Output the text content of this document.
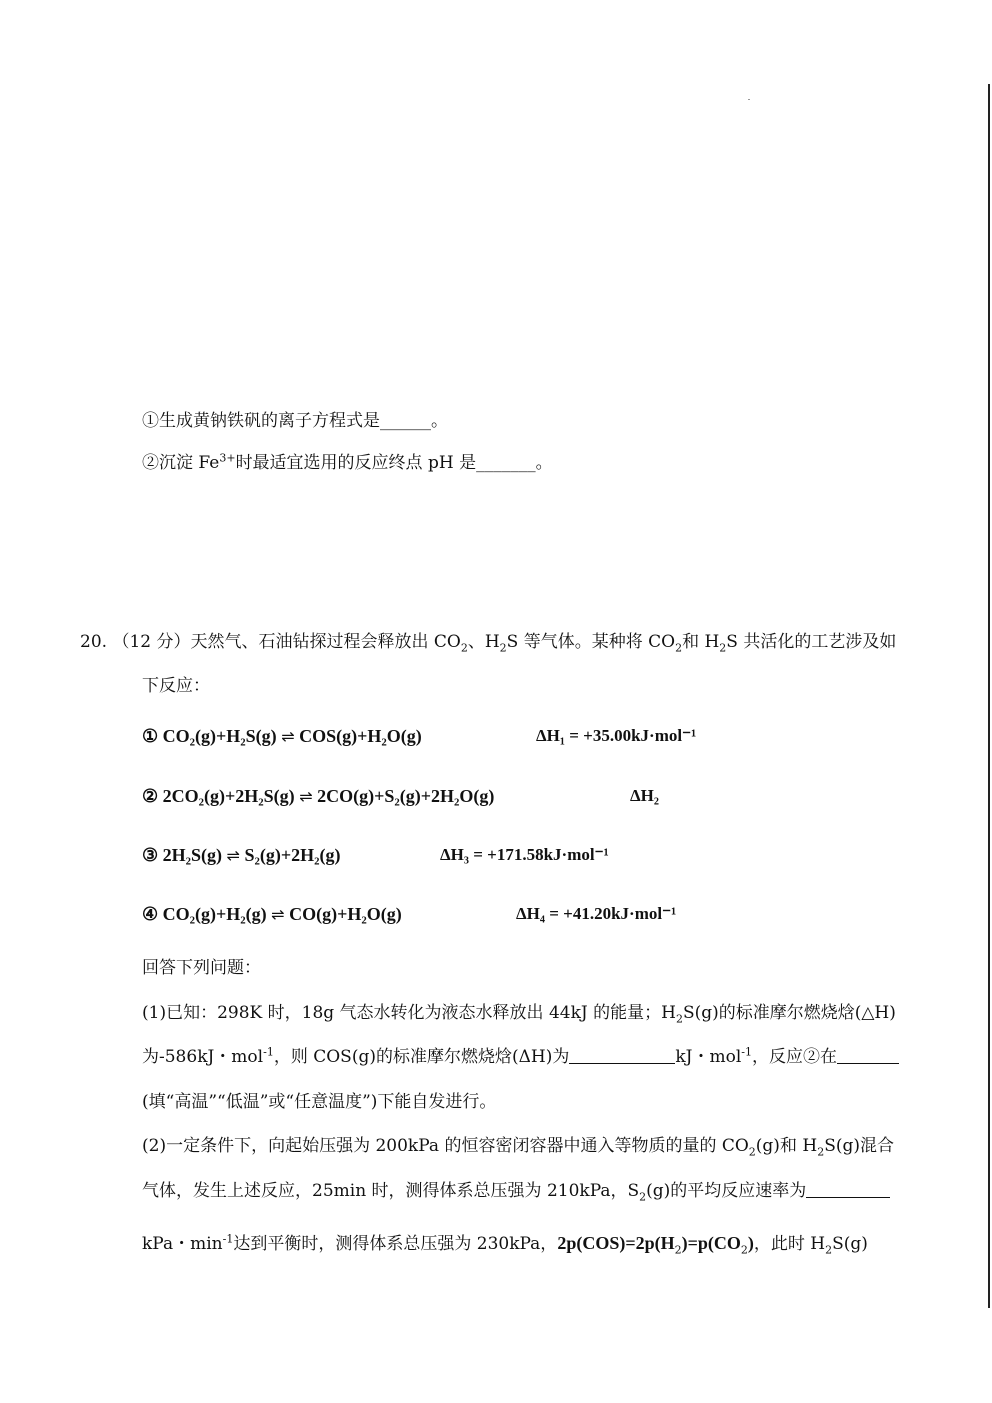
①生成黄钠铁矾的离子方程式是______。
②沉淀 $Fe^{3+}$时最适宜选用的反应终点 pH 是_______。
20. （12 分）天然气、石油钻探过程会释放出 $CO_2$、$H_2S$ 等气体。某种将 $CO_2$和 $H_2S$ 共活化的工艺涉及如
下反应：
① CO₂(g)+H₂S(g) ⇌ COS(g)+H₂O(g)	ΔH₁ = +35.00kJ·mol⁻¹
② 2CO₂(g)+2H₂S(g) ⇌ 2CO(g)+S₂(g)+2H₂O(g)	ΔH₂
③ 2H₂S(g) ⇌ S₂(g)+2H₂(g)	ΔH₃ = +171.58kJ·mol⁻¹
④ CO₂(g)+H₂(g) ⇌ CO(g)+H₂O(g)	ΔH₄ = +41.20kJ·mol⁻¹
回答下列问题：
(1)已知：298K 时，18g 气态水转化为液态水释放出 44kJ 的能量；$H_2S(g)$的标准摩尔燃烧焓(△H)
为-586kJ・mol$^{-1}$，则 COS(g)的标准摩尔燃烧焓(ΔH)为	kJ・mol$^{-1}$，反应②在
(填“高温”“低温”或“任意温度”)下能自发进行。
(2)一定条件下，向起始压强为 200kPa 的恒容密闭容器中通入等物质的量的 $CO_2(g)$和 $H_2S(g)$混合
气体，发生上述反应，25min 时，测得体系总压强为 210kPa，$S_2(g)$的平均反应速率为
kPa・$\min^{-1}$达到平衡时，测得体系总压强为 230kPa，$2p(COS)=2p(H_2)=p(CO_2)$，此时 $H_2S(g)$
